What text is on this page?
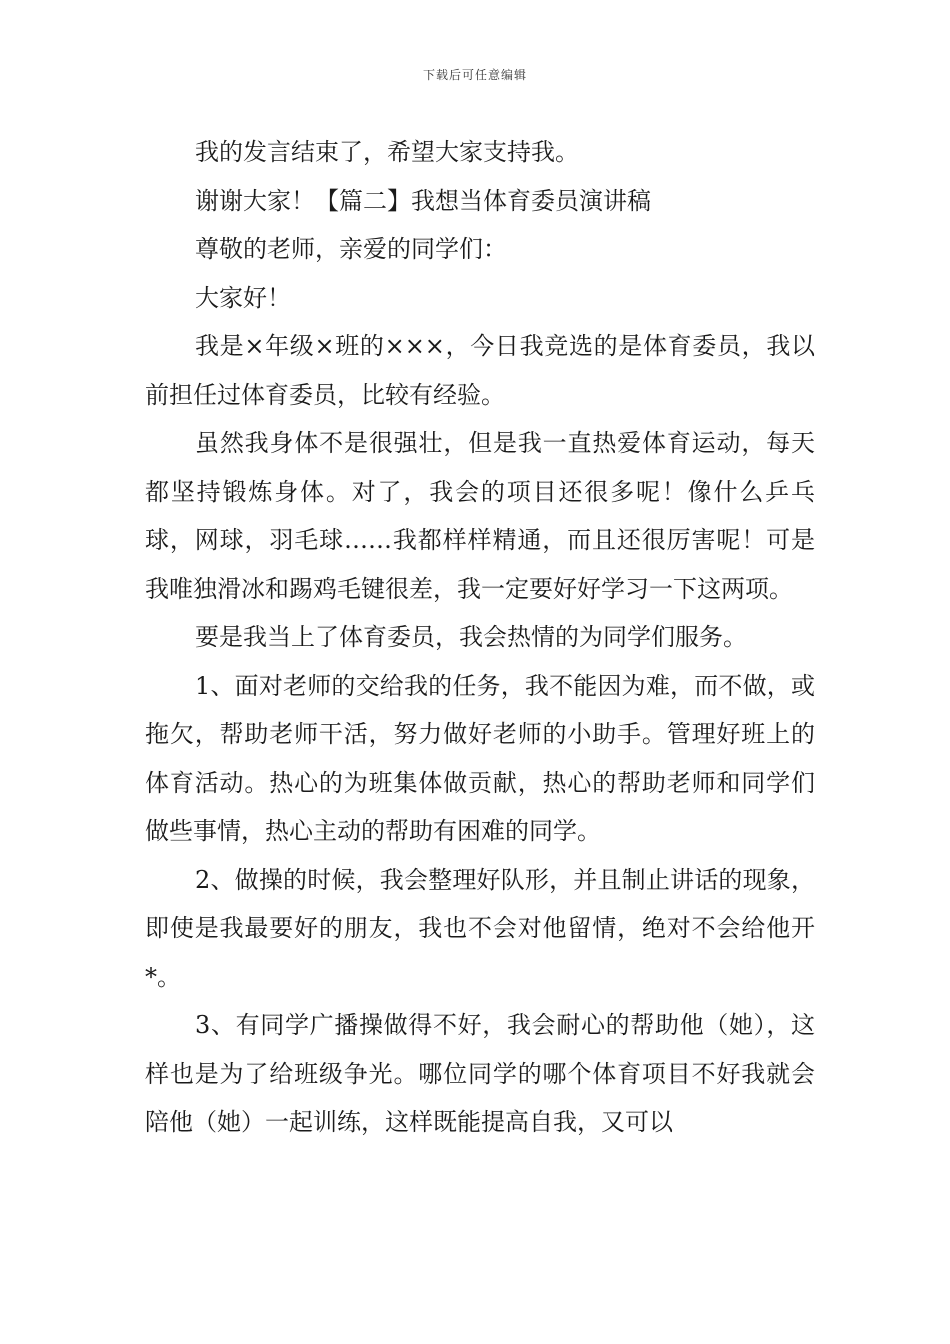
下载后可任意编辑

我的发言结束了，希望大家支持我。

谢谢大家！【篇二】我想当体育委员演讲稿

尊敬的老师，亲爱的同学们：

大家好！

我是×年级×班的×××，今日我竞选的是体育委员，我以前担任过体育委员，比较有经验。

虽然我身体不是很强壮，但是我一直热爱体育运动，每天都坚持锻炼身体。对了，我会的项目还很多呢！像什么乒乓球，网球，羽毛球……我都样样精通，而且还很厉害呢！可是我唯独滑冰和踢鸡毛键很差，我一定要好好学习一下这两项。

要是我当上了体育委员，我会热情的为同学们服务。

1、面对老师的交给我的任务，我不能因为难，而不做，或拖欠，帮助老师干活，努力做好老师的小助手。管理好班上的体育活动。热心的为班集体做贡献，热心的帮助老师和同学们做些事情，热心主动的帮助有困难的同学。

2、做操的时候，我会整理好队形，并且制止讲话的现象，即使是我最要好的朋友，我也不会对他留情，绝对不会给他开*。

3、有同学广播操做得不好，我会耐心的帮助他（她），这样也是为了给班级争光。哪位同学的哪个体育项目不好我就会陪他（她）一起训练，这样既能提高自我，又可以
